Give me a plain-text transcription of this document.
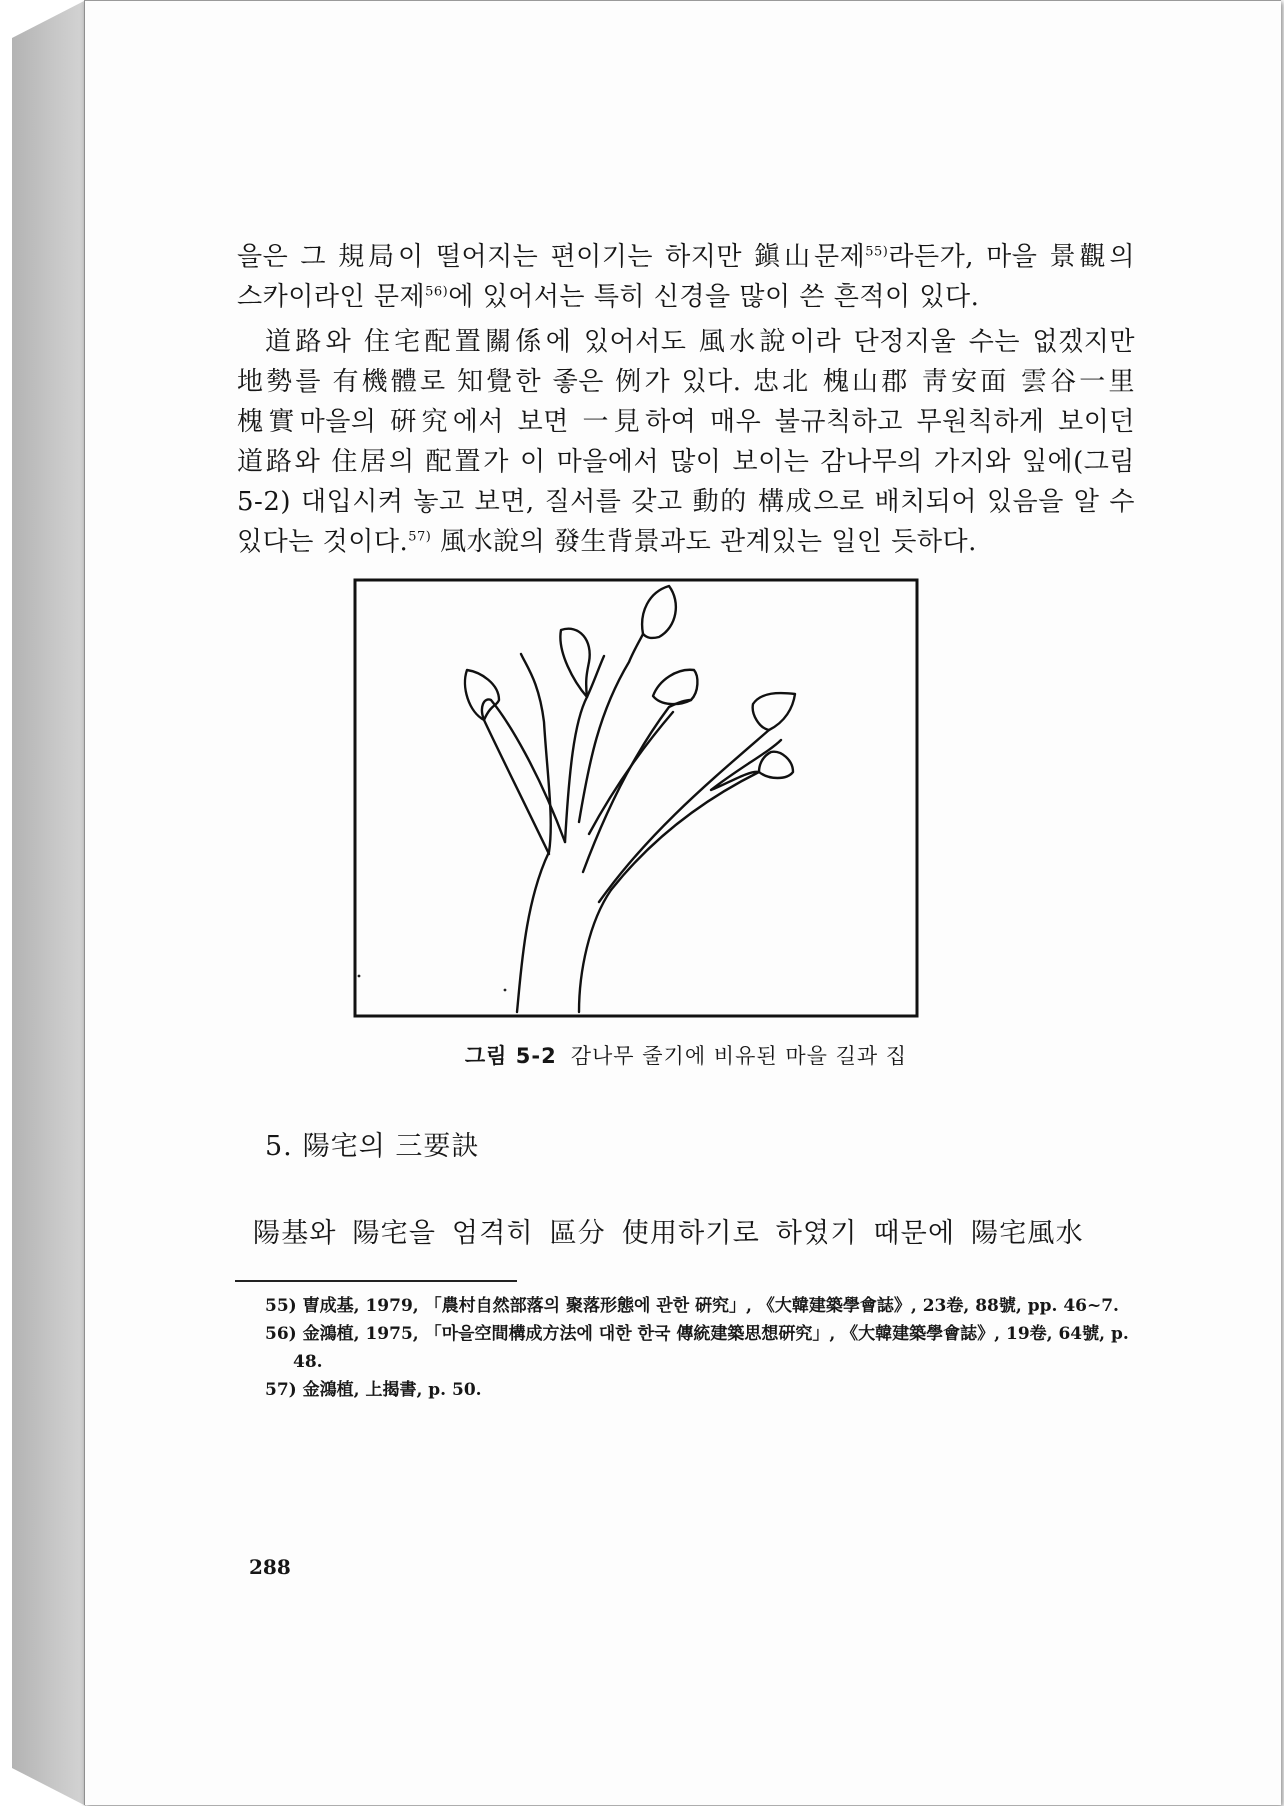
을은 그 規局이 떨어지는 편이기는 하지만 鎭山문제$^{55)}$라든가, 마을 景觀의 스카이라인 문제$^{56)}$에 있어서는 특히 신경을 많이 쓴 흔적이 있다.

道路와 住宅配置關係에 있어서도 風水說이라 단정지울 수는 없겠지만 地勢를 有機體로 知覺한 좋은 例가 있다. 忠北 槐山郡 靑安面 雲谷一里 槐實마을의 硏究에서 보면 一見하여 매우 불규칙하고 무원칙하게 보이던 道路와 住居의 配置가 이 마을에서 많이 보이는 감나무의 가지와 잎에(그림 5-2) 대입시켜 놓고 보면, 질서를 갖고 動的 構成으로 배치되어 있음을 알 수 있다는 것이다.$^{57)}$ 風水說의 發生背景과도 관계있는 일인 듯하다.

그림 5-2 감나무 줄기에 비유된 마을 길과 집
5. 陽宅의 三要訣
陽基와 陽宅을 엄격히 區分 使用하기로 하였기 때문에 陽宅風水
55) 曺成基, 1979, 「農村自然部落의 聚落形態에 관한 硏究」, 《大韓建築學會誌》, 23卷, 88號, pp. 46~7.
56) 金鴻植, 1975, 「마을空間構成方法에 대한 한국 傳統建築思想硏究」, 《大韓建築學會誌》, 19卷, 64號, p. 48.
57) 金鴻植, 上揭書, p. 50.
288
